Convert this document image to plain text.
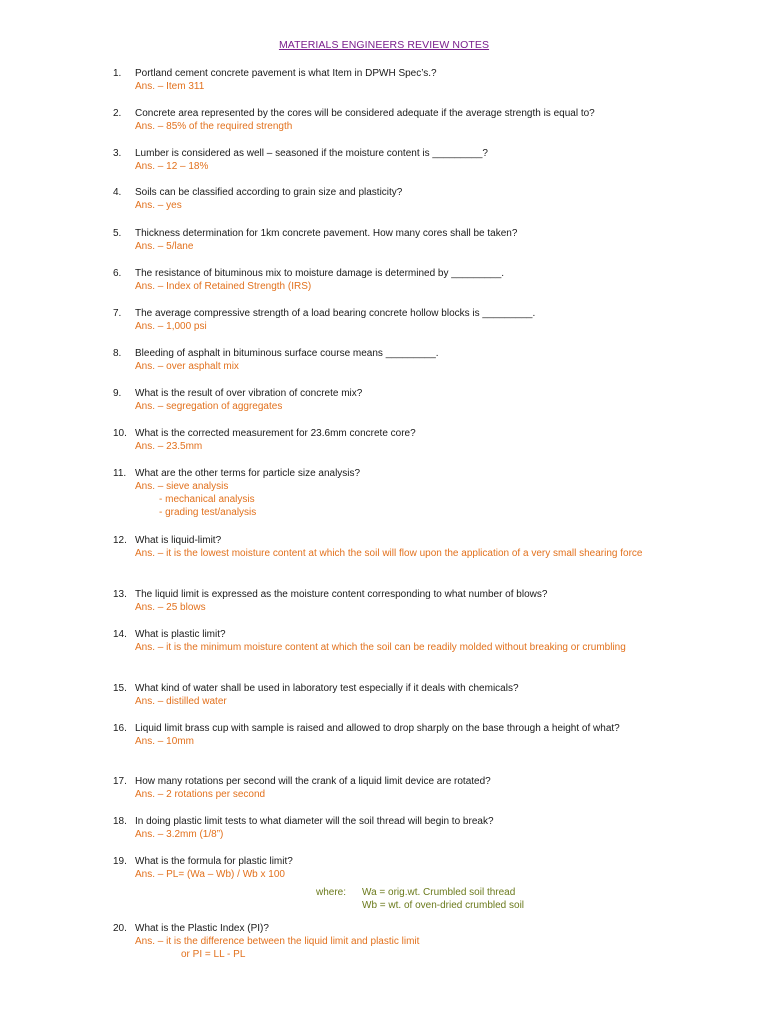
MATERIALS ENGINEERS REVIEW NOTES
1. Portland cement concrete pavement is what Item in DPWH Spec’s.?
Ans. – Item 311
2. Concrete area represented by the cores will be considered adequate if the average strength is equal to?
Ans. – 85% of the required strength
3. Lumber is considered as well – seasoned if the moisture content is _________?
Ans. – 12 – 18%
4. Soils can be classified according to grain size and plasticity?
Ans. – yes
5. Thickness determination for 1km concrete pavement. How many cores shall be taken?
Ans. – 5/lane
6. The resistance of bituminous mix to moisture damage is determined by _________.
Ans. – Index of Retained Strength (IRS)
7. The average compressive strength of a load bearing concrete hollow blocks is _________.
Ans. – 1,000 psi
8. Bleeding of asphalt in bituminous surface course means _________.
Ans. – over asphalt mix
9. What is the result of over vibration of concrete mix?
Ans. – segregation of aggregates
10. What is the corrected measurement for 23.6mm concrete core?
Ans. – 23.5mm
11. What are the other terms for particle size analysis?
Ans. – sieve analysis
- mechanical analysis
- grading test/analysis
12. What is liquid-limit?
Ans. – it is the lowest moisture content at which the soil will flow upon the application of a very small shearing force
13. The liquid limit is expressed as the moisture content corresponding to what number of blows?
Ans. – 25 blows
14. What is plastic limit?
Ans. – it is the minimum moisture content at which the soil can be readily molded without breaking or crumbling
15. What kind of water shall be used in laboratory test especially if it deals with chemicals?
Ans. – distilled water
16. Liquid limit brass cup with sample is raised and allowed to drop sharply on the base through a height of what?
Ans. – 10mm
17. How many rotations per second will the crank of a liquid limit device are rotated?
Ans. – 2 rotations per second
18. In doing plastic limit tests to what diameter will the soil thread will begin to break?
Ans. – 3.2mm (1/8”)
19. What is the formula for plastic limit?
Ans. – PL= (Wa – Wb) / Wb x 100
where: Wa = orig.wt. Crumbled soil thread
Wb = wt. of oven-dried crumbled soil
20. What is the Plastic Index (PI)?
Ans. – it is the difference between the liquid limit and plastic limit
or PI = LL - PL
